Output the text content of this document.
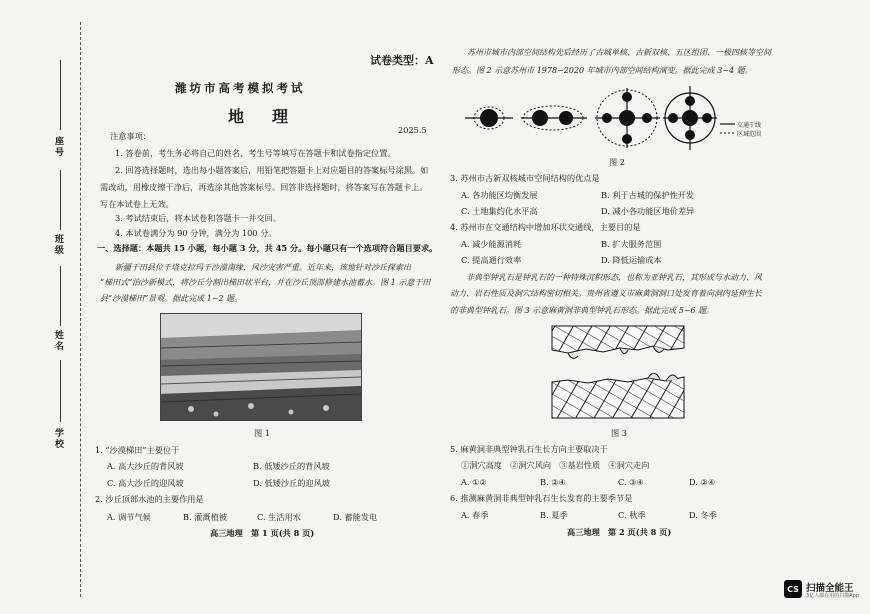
座号
班级
姓名
学校
试卷类型：A
潍坊市高考模拟考试
地　理
2025.5
注意事项：
1. 答卷前，考生务必将自己的姓名、考生号等填写在答题卡和试卷指定位置。
2. 回答选择题时，选出每小题答案后，用铅笔把答题卡上对应题目的答案标号涂黑。如
需改动，用橡皮擦干净后，再选涂其他答案标号。回答非选择题时，将答案写在答题卡上。
写在本试卷上无效。
3. 考试结束后，将本试卷和答题卡一并交回。
4. 本试卷满分为 90 分钟，满分为 100 分。
一、选择题：本题共 15 小题，每小题 3 分，共 45 分。每小题只有一个选项符合题目要求。
新疆于田县位于塔克拉玛干沙漠南缘，风沙灾害严重。近年来，该地针对沙丘探索出
“梯田式”治沙新模式，将沙丘分割出梯田状平台，并在沙丘顶部修建水池蓄水。图 1 示意于田
县“沙漠梯田”景观。据此完成 1~2 题。
图 1
1. “沙漠梯田”主要位于
A. 高大沙丘的背风坡	B. 低矮沙丘的背风坡
C. 高大沙丘的迎风坡	D. 低矮沙丘的迎风坡
2. 沙丘顶部水池的主要作用是
A. 调节气候	B. 灌溉植被	C. 生活用水	D. 蓄能发电
高三地理　第 1 页(共 8 页)
苏州市城市内部空间结构先后经历了古城单核、古新双核、五区组团、一极四核等空间
形态。图 2 示意苏州市 1978−2020 年城市内部空间结构演变。据此完成 3−4 题。
交通干线
区域范围
图 2
3. 苏州市古新双核城市空间结构的优点是
A. 各功能区均衡发展	B. 利于古城的保护性开发
C. 土地集约化水平高	D. 减小各功能区地价差异
4. 苏州市在交通结构中增加环状交通线，主要目的是
A. 减少能源消耗	B. 扩大服务范围
C. 提高通行效率	D. 降低运输成本
非典型钟乳石是钟乳石的一种特殊沉积形态，也称为亚钟乳石，其形成与水动力、风
动力、岩石性质及洞穴结构密切相关。贵州省遵义市麻黄洞洞口处发育着向洞内延伸生长
的非典型钟乳石。图 3 示意麻黄洞非典型钟乳石形态。据此完成 5~6 题。
图 3
5. 麻黄洞非典型钟乳石生长方向主要取决于
①洞穴高度　②洞穴风向　③基岩性质　④洞穴走向
A. ①②	B. ②④	C. ③④	D. ②④
6. 推测麻黄洞非典型钟乳石生长发育的主要季节是
A. 春季	B. 夏季	C. 秋季	D. 冬季
高三地理　第 2 页(共 8 页)
CS 扫描全能王
3亿人都在用的扫描App
